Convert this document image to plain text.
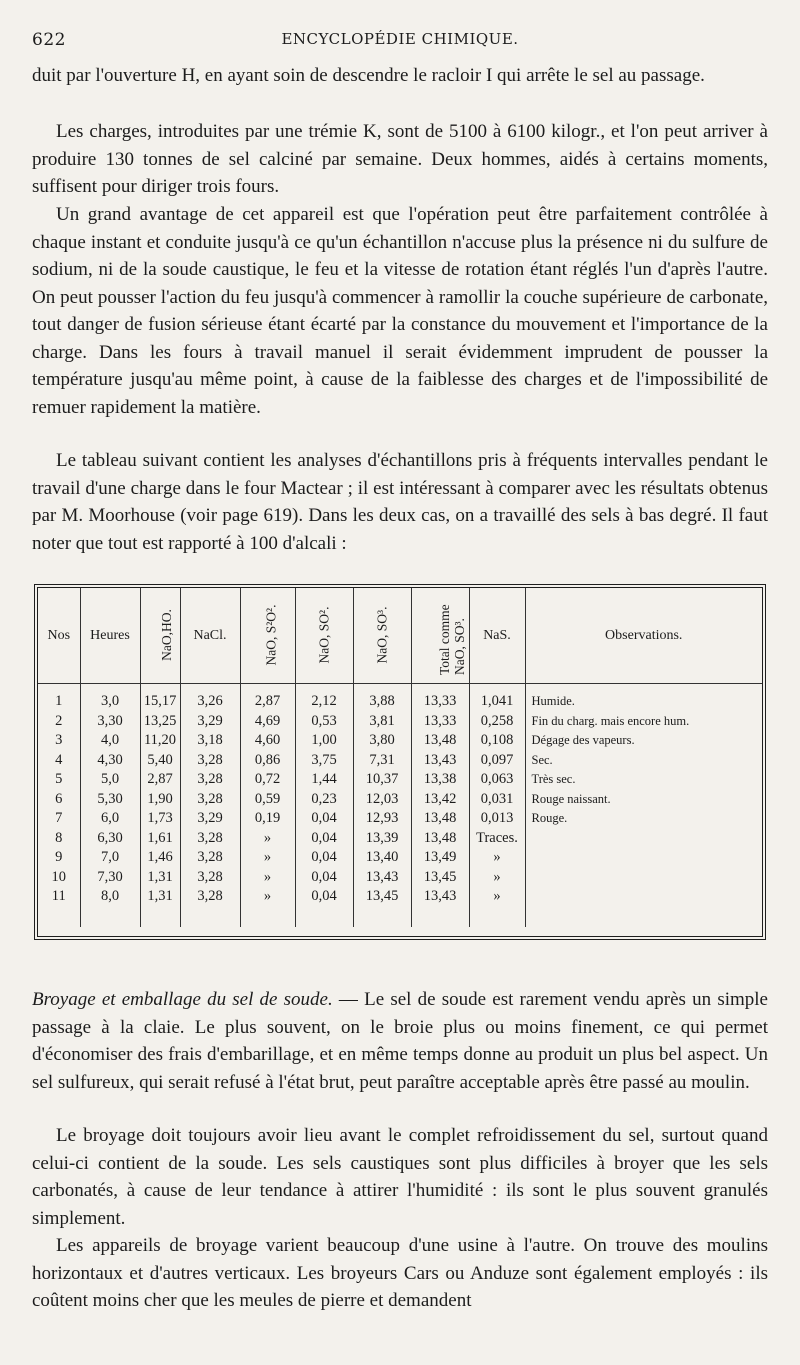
622	ENCYCLOPÉDIE CHIMIQUE.

duit par l'ouverture H, en ayant soin de descendre le racloir I qui arrête le sel au passage.

Les charges, introduites par une trémie K, sont de 5100 à 6100 kilogr., et l'on peut arriver à produire 130 tonnes de sel calciné par semaine. Deux hommes, aidés à certains moments, suffisent pour diriger trois fours.

Un grand avantage de cet appareil est que l'opération peut être parfaitement contrôlée à chaque instant et conduite jusqu'à ce qu'un échantillon n'accuse plus la présence ni du sulfure de sodium, ni de la soude caustique, le feu et la vitesse de rotation étant réglés l'un d'après l'autre. On peut pousser l'action du feu jusqu'à commencer à ramollir la couche supérieure de carbonate, tout danger de fusion sérieuse étant écarté par la constance du mouvement et l'importance de la charge. Dans les fours à travail manuel il serait évidemment imprudent de pousser la température jusqu'au même point, à cause de la faiblesse des charges et de l'impossibilité de remuer rapidement la matière.

Le tableau suivant contient les analyses d'échantillons pris à fréquents intervalles pendant le travail d'une charge dans le four Mactear ; il est intéressant à comparer avec les résultats obtenus par M. Moorhouse (voir page 619). Dans les deux cas, on a travaillé des sels à bas degré. Il faut noter que tout est rapporté à 100 d'alcali :

Nos	Heures	NaO,HO.	NaCl.	NaO, S²O².	NaO, SO².	NaO, SO³.	Total comme NaO, SO³.	NaS.	Observations.
1	3,0	15,17	3,26	2,87	2,12	3,88	13,33	1,041	Humide.
2	3,30	13,25	3,29	4,69	0,53	3,81	13,33	0,258	Fin du charg. mais encore hum.
3	4,0	11,20	3,18	4,60	1,00	3,80	13,48	0,108	Dégage des vapeurs.
4	4,30	5,40	3,28	0,86	3,75	7,31	13,43	0,097	Sec.
5	5,0	2,87	3,28	0,72	1,44	10,37	13,38	0,063	Très sec.
6	5,30	1,90	3,28	0,59	0,23	12,03	13,42	0,031	Rouge naissant.
7	6,0	1,73	3,29	0,19	0,04	12,93	13,48	0,013	Rouge.
8	6,30	1,61	3,28	»	0,04	13,39	13,48	Traces.	
9	7,0	1,46	3,28	»	0,04	13,40	13,49	»	
10	7,30	1,31	3,28	»	0,04	13,43	13,45	»	
11	8,0	1,31	3,28	»	0,04	13,45	13,43	»	

Broyage et emballage du sel de soude. — Le sel de soude est rarement vendu après un simple passage à la claie. Le plus souvent, on le broie plus ou moins finement, ce qui permet d'économiser des frais d'embarillage, et en même temps donne au produit un plus bel aspect. Un sel sulfureux, qui serait refusé à l'état brut, peut paraître acceptable après être passé au moulin.

Le broyage doit toujours avoir lieu avant le complet refroidissement du sel, surtout quand celui-ci contient de la soude. Les sels caustiques sont plus difficiles à broyer que les sels carbonatés, à cause de leur tendance à attirer l'humidité : ils sont le plus souvent granulés simplement.

Les appareils de broyage varient beaucoup d'une usine à l'autre. On trouve des moulins horizontaux et d'autres verticaux. Les broyeurs Cars ou Anduze sont également employés : ils coûtent moins cher que les meules de pierre et demandent
